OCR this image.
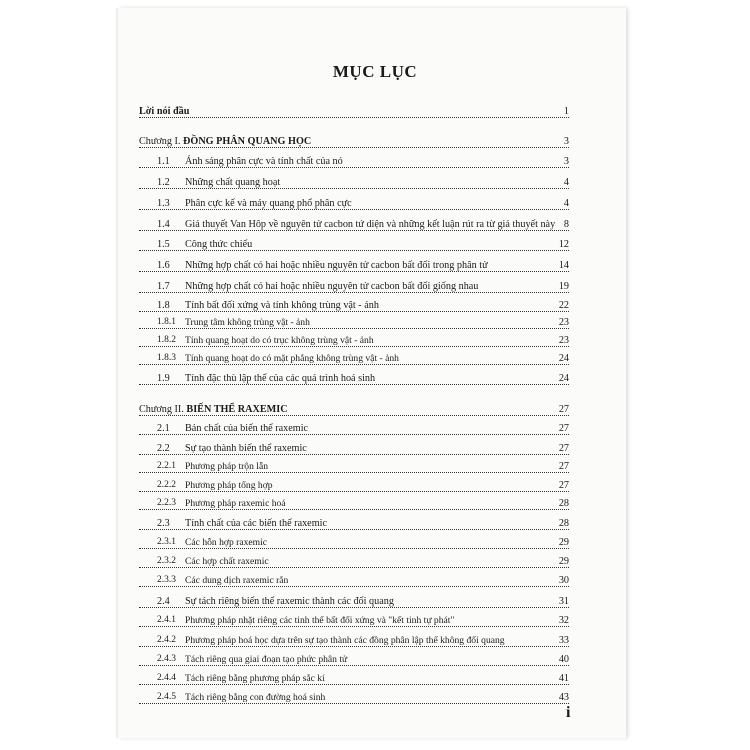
MỤC LỤC
Lời nói đầu	1
Chương I. ĐỒNG PHÂN QUANG HỌC	3
1.1 Ánh sáng phân cực và tính chất của nó	3
1.2 Những chất quang hoạt	4
1.3 Phân cực kế và máy quang phổ phân cực	4
1.4 Giả thuyết Van Hôp về nguyên tử cacbon tứ diện và những kết luận rút ra từ giả thuyết này 8
1.5 Công thức chiếu	12
1.6 Những hợp chất có hai hoặc nhiều nguyên tử cacbon bất đối trong phân tử	14
1.7 Những hợp chất có hai hoặc nhiều nguyên tử cacbon bất đối giống nhau	19
1.8 Tính bất đối xứng và tính không trùng vật - ảnh	22
1.8.1 Trung tâm không trùng vật - ảnh	23
1.8.2 Tính quang hoạt do có trục không trùng vật - ảnh	23
1.8.3 Tính quang hoạt do có mặt phẳng không trùng vật - ảnh	24
1.9 Tính đặc thù lập thể của các quá trình hoá sinh	24
Chương II. BIẾN THỂ RAXEMIC	27
2.1 Bản chất của biến thể raxemic	27
2.2 Sự tạo thành biến thể raxemic	27
2.2.1 Phương pháp trộn lẫn	27
2.2.2 Phương pháp tổng hợp	27
2.2.3 Phương pháp raxemic hoá	28
2.3 Tính chất của các biến thể raxemic	28
2.3.1 Các hỗn hợp raxemic	29
2.3.2 Các hợp chất raxemic	29
2.3.3 Các dung dịch raxemic rắn	30
2.4 Sự tách riêng biến thể raxemic thành các đối quang	31
2.4.1 Phương pháp nhặt riêng các tinh thể bất đối xứng và "kết tinh tự phát"	32
2.4.2 Phương pháp hoá học dựa trên sự tạo thành các đồng phân lập thể không đối quang	33
2.4.3 Tách riêng qua giai đoạn tạo phức phân tử	40
2.4.4 Tách riêng bằng phương pháp sắc kí	41
2.4.5 Tách riêng bằng con đường hoá sinh	43
i
